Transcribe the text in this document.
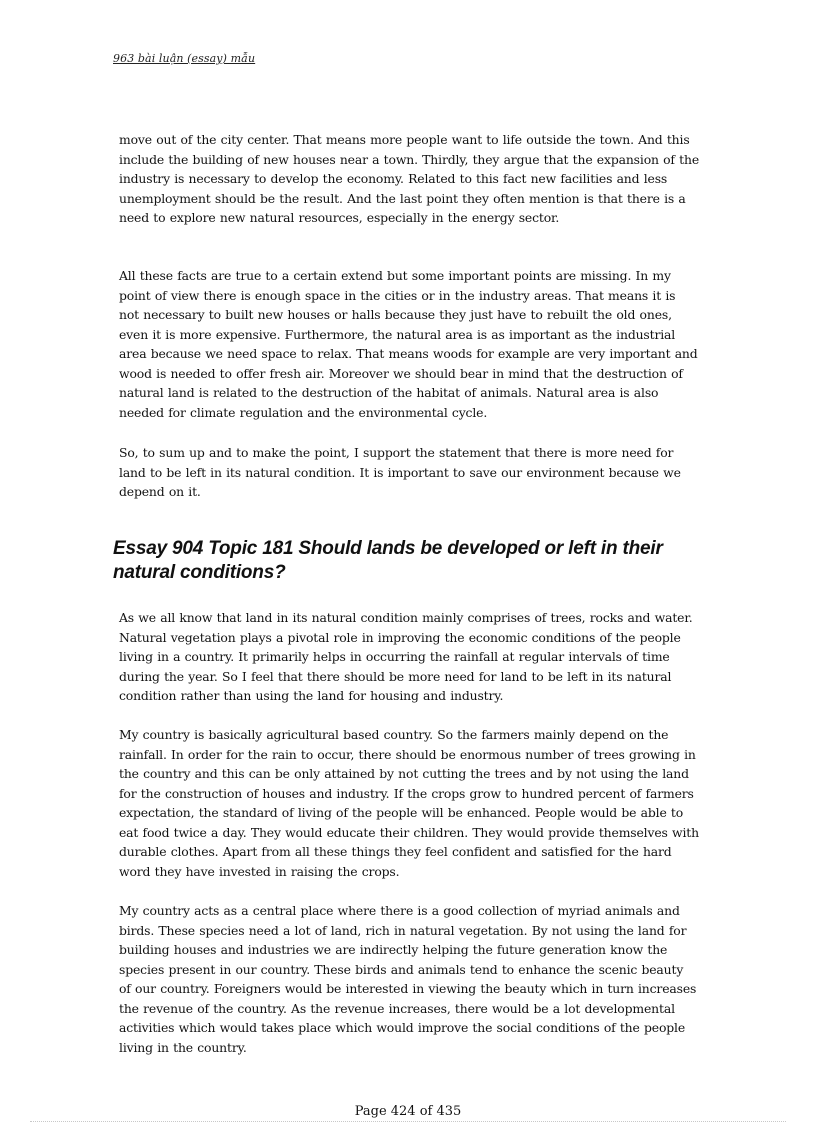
963 bài luận (essay) mẫu

move out of the city center. That means more people want to life outside the town. And this include the building of new houses near a town. Thirdly, they argue that the expansion of the industry is necessary to develop the economy. Related to this fact new facilities and less unemployment should be the result. And the last point they often mention is that there is a need to explore new natural resources, especially in the energy sector.

All these facts are true to a certain extend but some important points are missing. In my point of view there is enough space in the cities or in the industry areas. That means it is not necessary to built new houses or halls because they just have to rebuilt the old ones, even it is more expensive. Furthermore, the natural area is as important as the industrial area because we need space to relax. That means woods for example are very important and wood is needed to offer fresh air. Moreover we should bear in mind that the destruction of natural land is related to the destruction of the habitat of animals. Natural area is also needed for climate regulation and the environmental cycle.

So, to sum up and to make the point, I support the statement that there is more need for land to be left in its natural condition. It is important to save our environment because we depend on it.

Essay 904 Topic 181 Should lands be developed or left in their natural conditions?

As we all know that land in its natural condition mainly comprises of trees, rocks and water. Natural vegetation plays a pivotal role in improving the economic conditions of the people living in a country. It primarily helps in occurring the rainfall at regular intervals of time during the year. So I feel that there should be more need for land to be left in its natural condition rather than using the land for housing and industry.

My country is basically agricultural based country. So the farmers mainly depend on the rainfall. In order for the rain to occur, there should be enormous number of trees growing in the country and this can be only attained by not cutting the trees and by not using the land for the construction of houses and industry. If the crops grow to hundred percent of farmers expectation, the standard of living of the people will be enhanced. People would be able to eat food twice a day. They would educate their children. They would provide themselves with durable clothes. Apart from all these things they feel confident and satisfied for the hard word they have invested in raising the crops.

My country acts as a central place where there is a good collection of myriad animals and birds. These species need a lot of land, rich in natural vegetation. By not using the land for building houses and industries we are indirectly helping the future generation know the species present in our country. These birds and animals tend to enhance the scenic beauty of our country. Foreigners would be interested in viewing the beauty which in turn increases the revenue of the country. As the revenue increases, there would be a lot developmental activities which would takes place which would improve the social conditions of the people living in the country.

Page 424 of 435
